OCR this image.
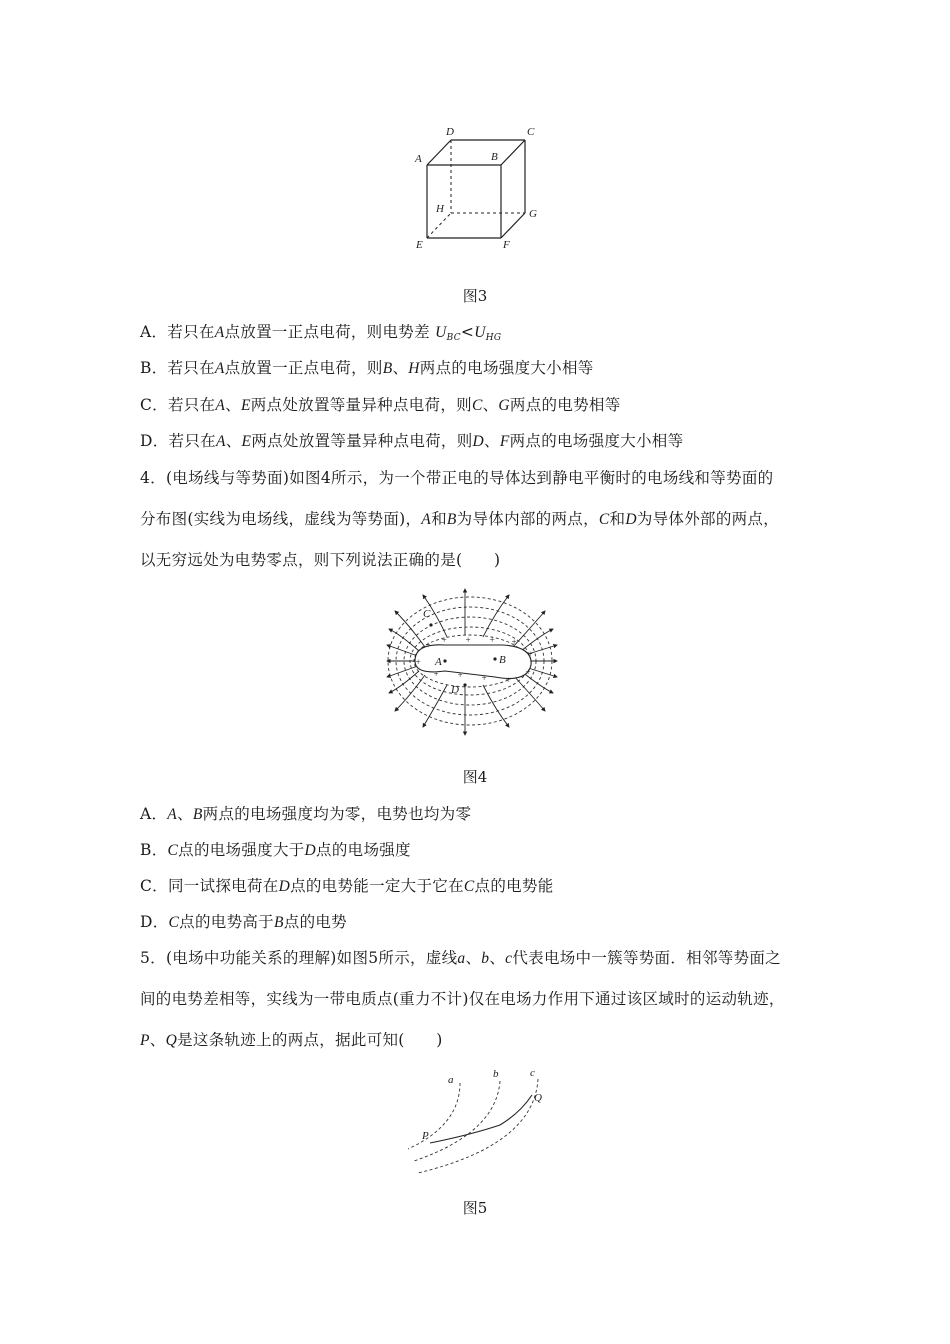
D	C
A	B
H	G
E	F
图3
A．若只在A点放置一正点电荷，则电势差 $U_{BC}<U_{HG}$
B．若只在A点放置一正点电荷，则B、H两点的电场强度大小相等
C．若只在A、E两点处放置等量异种点电荷，则C、G两点的电势相等
D．若只在A、E两点处放置等量异种点电荷，则D、F两点的电场强度大小相等
4．(电场线与等势面)如图4所示，为一个带正电的导体达到静电平衡时的电场线和等势面的
分布图(实线为电场线，虚线为等势面)，A和B为导体内部的两点，C和D为导体外部的两点，
以无穷远处为电势零点，则下列说法正确的是(　　)
+ + + + +
+
+
+
+
+
+
+
C
A	B
D
图4
A．A、B两点的电场强度均为零，电势也均为零
B．C点的电场强度大于D点的电场强度
C．同一试探电荷在D点的电势能一定大于它在C点的电势能
D．C点的电势高于B点的电势
5．(电场中功能关系的理解)如图5所示，虚线a、b、c代表电场中一簇等势面．相邻等势面之
间的电势差相等，实线为一带电质点(重力不计)仅在电场力作用下通过该区域时的运动轨迹，
P、Q是这条轨迹上的两点，据此可知(　　)
a	b	c
P
Q
图5
